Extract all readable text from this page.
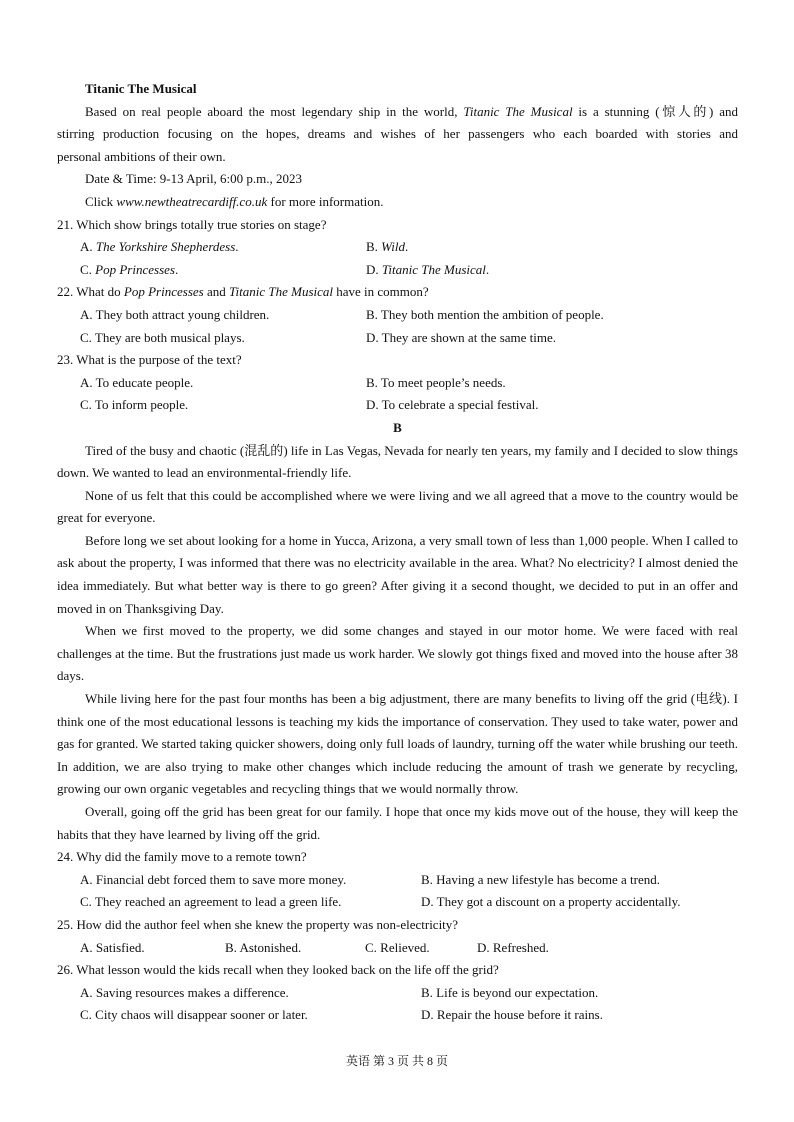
Titanic The Musical
Based on real people aboard the most legendary ship in the world, Titanic The Musical is a stunning (惊人的) and
stirring production focusing on the hopes, dreams and wishes of her passengers who each boarded with stories and
personal ambitions of their own.
Date & Time: 9-13 April, 6:00 p.m., 2023
Click www.newtheatrecardiff.co.uk for more information.
21. Which show brings totally true stories on stage?
A. The Yorkshire Shepherdess.	B. Wild.
C. Pop Princesses.	D. Titanic The Musical.
22. What do Pop Princesses and Titanic The Musical have in common?
A. They both attract young children.	B. They both mention the ambition of people.
C. They are both musical plays.	D. They are shown at the same time.
23. What is the purpose of the text?
A. To educate people.	B. To meet people’s needs.
C. To inform people.	D. To celebrate a special festival.
B

Tired of the busy and chaotic (混乱的) life in Las Vegas, Nevada for nearly ten years, my family and I decided to slow things down. We wanted to lead an environmental-friendly life.

None of us felt that this could be accomplished where we were living and we all agreed that a move to the country would be great for everyone.

Before long we set about looking for a home in Yucca, Arizona, a very small town of less than 1,000 people. When I called to ask about the property, I was informed that there was no electricity available in the area. What? No electricity? I almost denied the idea immediately. But what better way is there to go green? After giving it a second thought, we decided to put in an offer and moved in on Thanksgiving Day.

When we first moved to the property, we did some changes and stayed in our motor home. We were faced with real challenges at the time. But the frustrations just made us work harder. We slowly got things fixed and moved into the house after 38 days.

While living here for the past four months has been a big adjustment, there are many benefits to living off the grid (电线). I think one of the most educational lessons is teaching my kids the importance of conservation. They used to take water, power and gas for granted. We started taking quicker showers, doing only full loads of laundry, turning off the water while brushing our teeth. In addition, we are also trying to make other changes which include reducing the amount of trash we generate by recycling, growing our own organic vegetables and recycling things that we would normally throw.

Overall, going off the grid has been great for our family. I hope that once my kids move out of the house, they will keep the habits that they have learned by living off the grid.

24. Why did the family move to a remote town?
A. Financial debt forced them to save more money.	B. Having a new lifestyle has become a trend.
C. They reached an agreement to lead a green life.	D. They got a discount on a property accidentally.
25. How did the author feel when she knew the property was non-electricity?
A. Satisfied.	B. Astonished.	C. Relieved.	D. Refreshed.
26. What lesson would the kids recall when they looked back on the life off the grid?
A. Saving resources makes a difference.	B. Life is beyond our expectation.
C. City chaos will disappear sooner or later.	D. Repair the house before it rains.
英语 第 3 页 共 8 页
